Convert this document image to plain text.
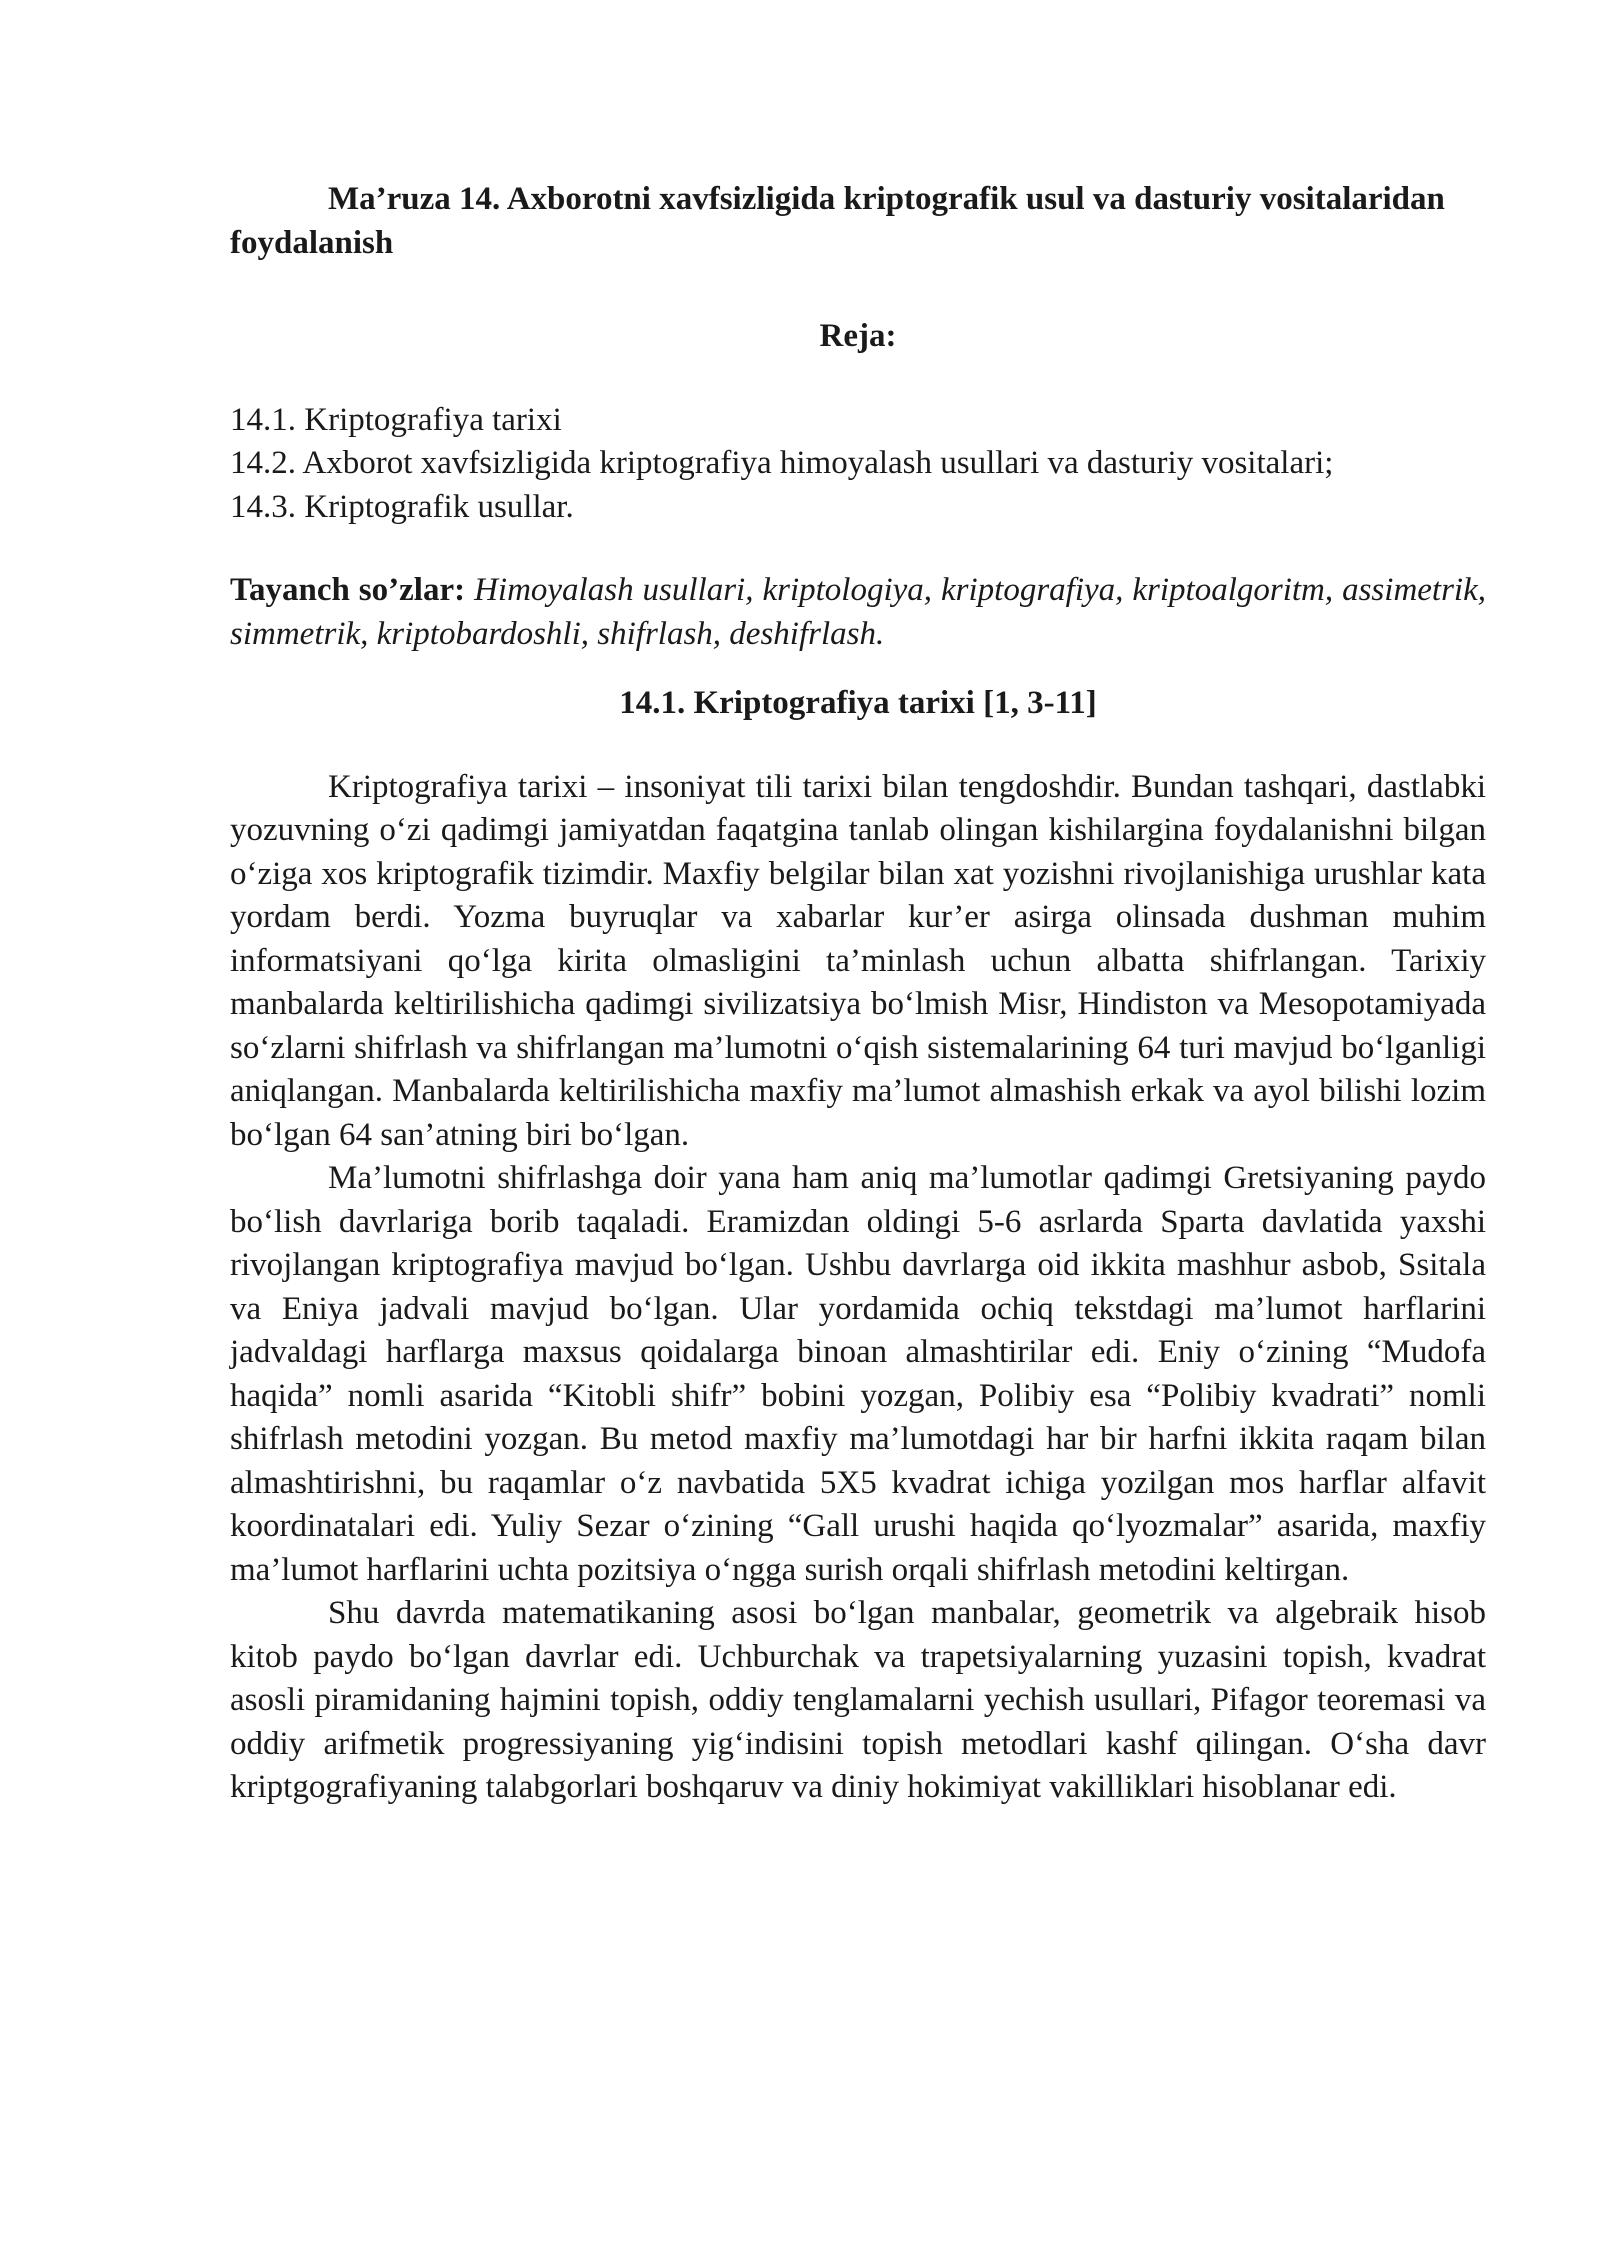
Ma’ruza 14. Axborotni xavfsizligida kriptografik usul va dasturiy vositalaridan foydalanish

Reja:

14.1. Kriptografiya tarixi

14.2. Axborot xavfsizligida kriptografiya himoyalash usullari va dasturiy vositalari;

14.3. Kriptografik usullar.

Tayanch so’zlar: Himoyalash usullari, kriptologiya, kriptografiya, kriptoalgoritm, assimetrik, simmetrik, kriptobardoshli, shifrlash, deshifrlash.

14.1. Kriptografiya tarixi [1, 3-11]

Kriptografiya tarixi – insoniyat tili tarixi bilan tengdoshdir. Bundan tashqari, dastlabki yozuvning o‘zi qadimgi jamiyatdan faqatgina tanlab olingan kishilargina foydalanishni bilgan o‘ziga xos kriptografik tizimdir. Maxfiy belgilar bilan xat yozishni rivojlanishiga urushlar kata yordam berdi. Yozma buyruqlar va xabarlar kur’er asirga olinsada dushman muhim informatsiyani qo‘lga kirita olmasligini ta’minlash uchun albatta shifrlangan. Tarixiy manbalarda keltirilishicha qadimgi sivilizatsiya bo‘lmish Misr, Hindiston va Mesopotamiyada so‘zlarni shifrlash va shifrlangan ma’lumotni o‘qish sistemalarining 64 turi mavjud bo‘lganligi aniqlangan. Manbalarda keltirilishicha maxfiy ma’lumot almashish erkak va ayol bilishi lozim bo‘lgan 64 san’atning biri bo‘lgan.

Ma’lumotni shifrlashga doir yana ham aniq ma’lumotlar qadimgi Gretsiyaning paydo bo‘lish davrlariga borib taqaladi. Eramizdan oldingi 5-6 asrlarda Sparta davlatida yaxshi rivojlangan kriptografiya mavjud bo‘lgan. Ushbu davrlarga oid ikkita mashhur asbob, Ssitala va Eniya jadvali mavjud bo‘lgan. Ular yordamida ochiq tekstdagi ma’lumot harflarini jadvaldagi harflarga maxsus qoidalarga binoan almashtirilar edi. Eniy o‘zining “Mudofa haqida” nomli asarida “Kitobli shifr” bobini yozgan, Polibiy esa “Polibiy kvadrati” nomli shifrlash metodini yozgan. Bu metod maxfiy ma’lumotdagi har bir harfni ikkita raqam bilan almashtirishni, bu raqamlar o‘z navbatida 5X5 kvadrat ichiga yozilgan mos harflar alfavit koordinatalari edi. Yuliy Sezar o‘zining “Gall urushi haqida qo‘lyozmalar” asarida, maxfiy ma’lumot harflarini uchta pozitsiya o‘ngga surish orqali shifrlash metodini keltirgan.

Shu davrda matematikaning asosi bo‘lgan manbalar, geometrik va algebraik hisob kitob paydo bo‘lgan davrlar edi. Uchburchak va trapetsiyalarning yuzasini topish, kvadrat asosli piramidaning hajmini topish, oddiy tenglamalarni yechish usullari, Pifagor teoremasi va oddiy arifmetik progressiyaning yig‘indisini topish metodlari kashf qilingan. O‘sha davr kriptgografiyaning talabgorlari boshqaruv va diniy hokimiyat vakilliklari hisoblanar edi.
